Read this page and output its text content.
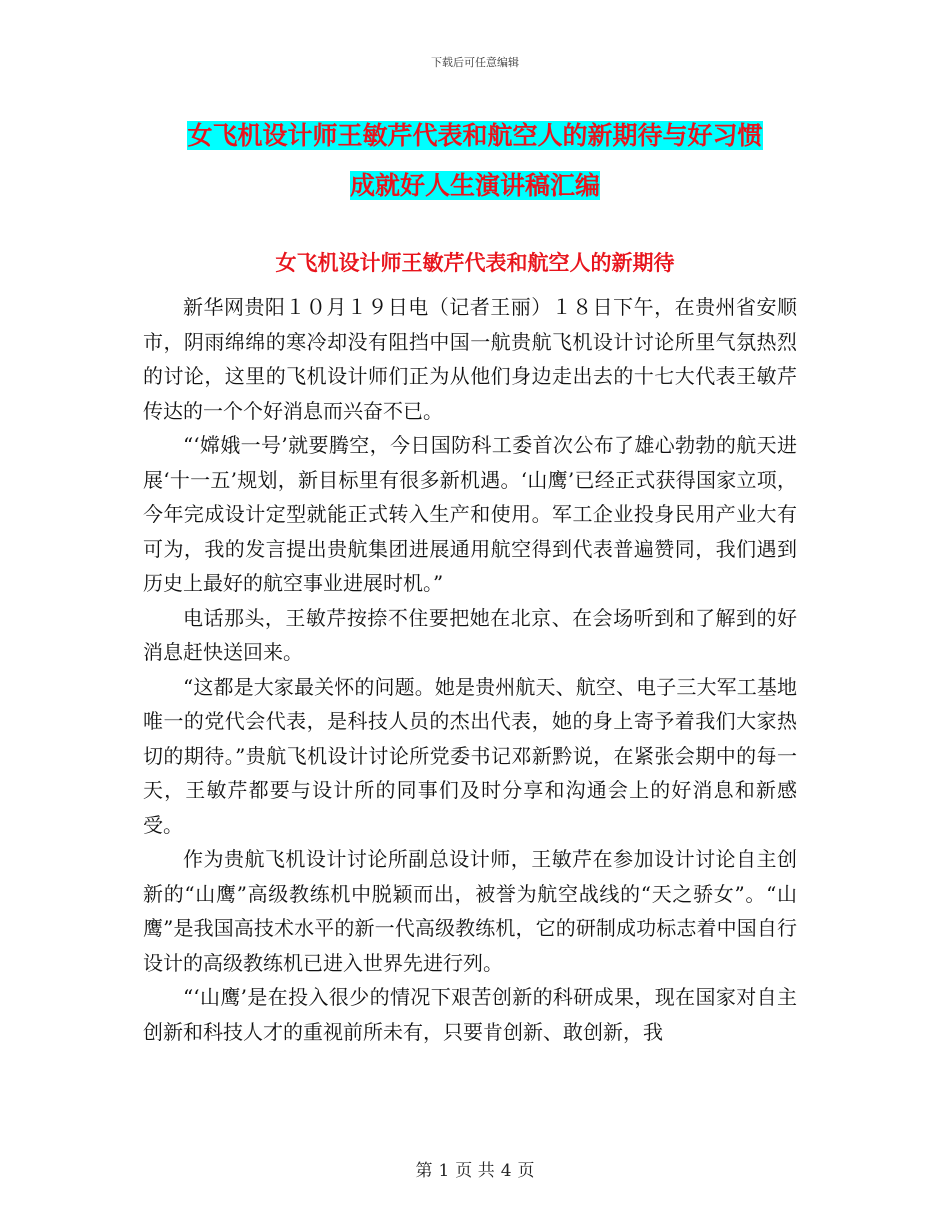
下载后可任意编辑
女飞机设计师王敏芹代表和航空人的新期待与好习惯
成就好人生演讲稿汇编
女飞机设计师王敏芹代表和航空人的新期待

新华网贵阳１０月１９日电（记者王丽）１８日下午，在贵州省安顺市，阴雨绵绵的寒冷却没有阻挡中国一航贵航飞机设计讨论所里气氛热烈的讨论，这里的飞机设计师们正为从他们身边走出去的十七大代表王敏芹传达的一个个好消息而兴奋不已。

“‘嫦娥一号’就要腾空，今日国防科工委首次公布了雄心勃勃的航天进展‘十一五’规划，新目标里有很多新机遇。‘山鹰’已经正式获得国家立项，今年完成设计定型就能正式转入生产和使用。军工企业投身民用产业大有可为，我的发言提出贵航集团进展通用航空得到代表普遍赞同，我们遇到历史上最好的航空事业进展时机。”

电话那头，王敏芹按捺不住要把她在北京、在会场听到和了解到的好消息赶快送回来。

“这都是大家最关怀的问题。她是贵州航天、航空、电子三大军工基地唯一的党代会代表，是科技人员的杰出代表，她的身上寄予着我们大家热切的期待。”贵航飞机设计讨论所党委书记邓新黔说，在紧张会期中的每一天，王敏芹都要与设计所的同事们及时分享和沟通会上的好消息和新感受。

作为贵航飞机设计讨论所副总设计师，王敏芹在参加设计讨论自主创新的“山鹰”高级教练机中脱颖而出，被誉为航空战线的“天之骄女”。“山鹰”是我国高技术水平的新一代高级教练机，它的研制成功标志着中国自行设计的高级教练机已进入世界先进行列。

“‘山鹰’是在投入很少的情况下艰苦创新的科研成果，现在国家对自主创新和科技人才的重视前所未有，只要肯创新、敢创新，我

第 1 页 共 4 页
